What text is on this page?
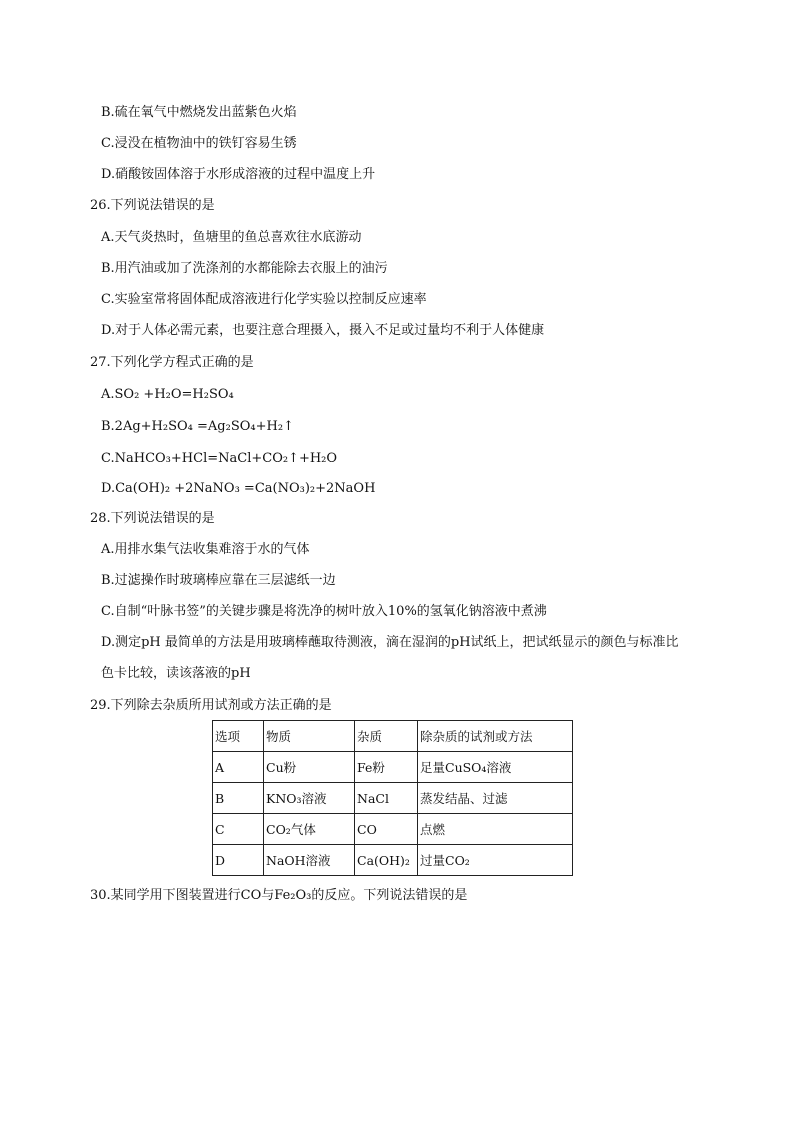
B.硫在氧气中燃烧发出蓝紫色火焰
C.浸没在植物油中的铁钉容易生锈
D.硝酸铵固体溶于水形成溶液的过程中温度上升
26.下列说法错误的是
A.天气炎热时，鱼塘里的鱼总喜欢往水底游动
B.用汽油或加了洗涤剂的水都能除去衣服上的油污
C.实验室常将固体配成溶液进行化学实验以控制反应速率
D.对于人体必需元素，也要注意合理摄入，摄入不足或过量均不利于人体健康
27.下列化学方程式正确的是
A.SO₂ +H₂O=H₂SO₄
B.2Ag+H₂SO₄ =Ag₂SO₄+H₂↑
C.NaHCO₃+HCl=NaCl+CO₂↑+H₂O
D.Ca(OH)₂ +2NaNO₃ =Ca(NO₃)₂+2NaOH
28.下列说法错误的是
A.用排水集气法收集难溶于水的气体
B.过滤操作时玻璃棒应靠在三层滤纸一边
C.自制“叶脉书签”的关键步骤是将洗净的树叶放入10%的氢氧化钠溶液中煮沸
D.测定pH 最简单的方法是用玻璃棒蘸取待测液，滴在湿润的pH试纸上，把试纸显示的颜色与标准比
色卡比较，读该落液的pH
29.下列除去杂质所用试剂或方法正确的是
选项	物质	杂质	除杂质的试剂或方法
A	Cu粉	Fe粉	足量CuSO₄溶液
B	KNO₃溶液	NaCl	蒸发结晶、过滤
C	CO₂气体	CO	点燃
D	NaOH溶液	Ca(OH)₂	过量CO₂
30.某同学用下图装置进行CO与Fe₂O₃的反应。下列说法错误的是
